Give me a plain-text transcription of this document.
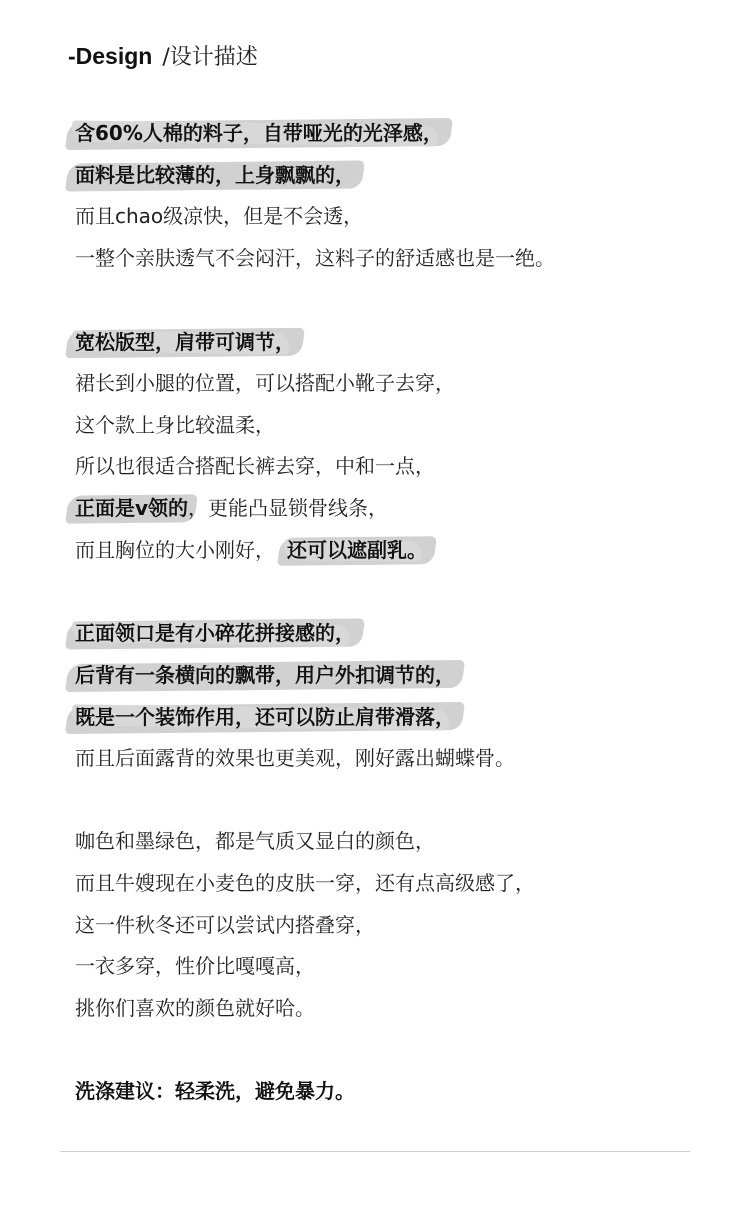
-Design /设计描述
含60%人棉的料子，自带哑光的光泽感，
面料是比较薄的，上身飘飘的，
而且chao级凉快，但是不会透，
一整个亲肤透气不会闷汗，这料子的舒适感也是一绝。
宽松版型，肩带可调节，
裙长到小腿的位置，可以搭配小靴子去穿，
这个款上身比较温柔，
所以也很适合搭配长裤去穿，中和一点，
正面是v领的，更能凸显锁骨线条，
而且胸位的大小刚好， 还可以遮副乳。
正面领口是有小碎花拼接感的，
后背有一条横向的飘带，用户外扣调节的，
既是一个装饰作用，还可以防止肩带滑落，
而且后面露背的效果也更美观，刚好露出蝴蝶骨。
咖色和墨绿色，都是气质又显白的颜色，
而且牛嫂现在小麦色的皮肤一穿，还有点高级感了，
这一件秋冬还可以尝试内搭叠穿，
一衣多穿，性价比嘎嘎高，
挑你们喜欢的颜色就好哈。
洗涤建议：轻柔洗，避免暴力。
